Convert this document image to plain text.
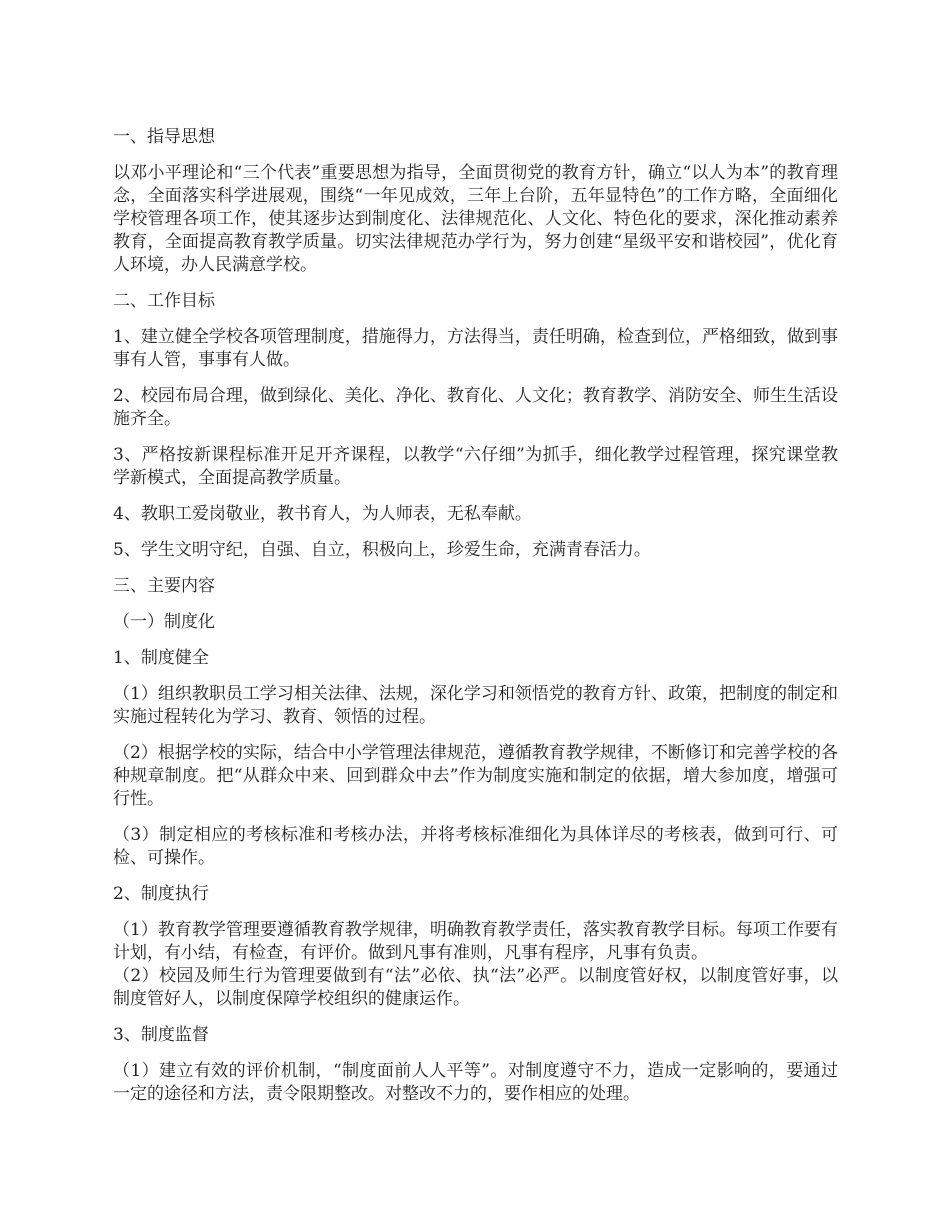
一、指导思想

以邓小平理论和“三个代表”重要思想为指导，全面贯彻党的教育方针，确立“以人为本”的教育理念，全面落实科学进展观，围绕“一年见成效，三年上台阶，五年显特色”的工作方略，全面细化学校管理各项工作，使其逐步达到制度化、法律规范化、人文化、特色化的要求，深化推动素养教育，全面提高教育教学质量。切实法律规范办学行为，努力创建“星级平安和谐校园”，优化育人环境，办人民满意学校。

二、工作目标

1、建立健全学校各项管理制度，措施得力，方法得当，责任明确，检查到位，严格细致，做到事事有人管，事事有人做。

2、校园布局合理，做到绿化、美化、净化、教育化、人文化；教育教学、消防安全、师生生活设施齐全。

3、严格按新课程标准开足开齐课程，以教学“六仔细”为抓手，细化教学过程管理，探究课堂教学新模式，全面提高教学质量。

4、教职工爱岗敬业，教书育人，为人师表，无私奉献。

5、学生文明守纪，自强、自立，积极向上，珍爱生命，充满青春活力。

三、主要内容

（一）制度化

1、制度健全

（1）组织教职员工学习相关法律、法规，深化学习和领悟党的教育方针、政策，把制度的制定和实施过程转化为学习、教育、领悟的过程。

（2）根据学校的实际，结合中小学管理法律规范，遵循教育教学规律，不断修订和完善学校的各种规章制度。把“从群众中来、回到群众中去”作为制度实施和制定的依据，增大参加度，增强可行性。

（3）制定相应的考核标准和考核办法，并将考核标准细化为具体详尽的考核表，做到可行、可检、可操作。

2、制度执行

（1）教育教学管理要遵循教育教学规律，明确教育教学责任，落实教育教学目标。每项工作要有计划，有小结，有检查，有评价。做到凡事有准则，凡事有程序，凡事有负责。

（2）校园及师生行为管理要做到有“法”必依、执“法”必严。以制度管好权，以制度管好事，以制度管好人，以制度保障学校组织的健康运作。

3、制度监督

（1）建立有效的评价机制，“制度面前人人平等”。对制度遵守不力，造成一定影响的，要通过一定的途径和方法，责令限期整改。对整改不力的，要作相应的处理。
